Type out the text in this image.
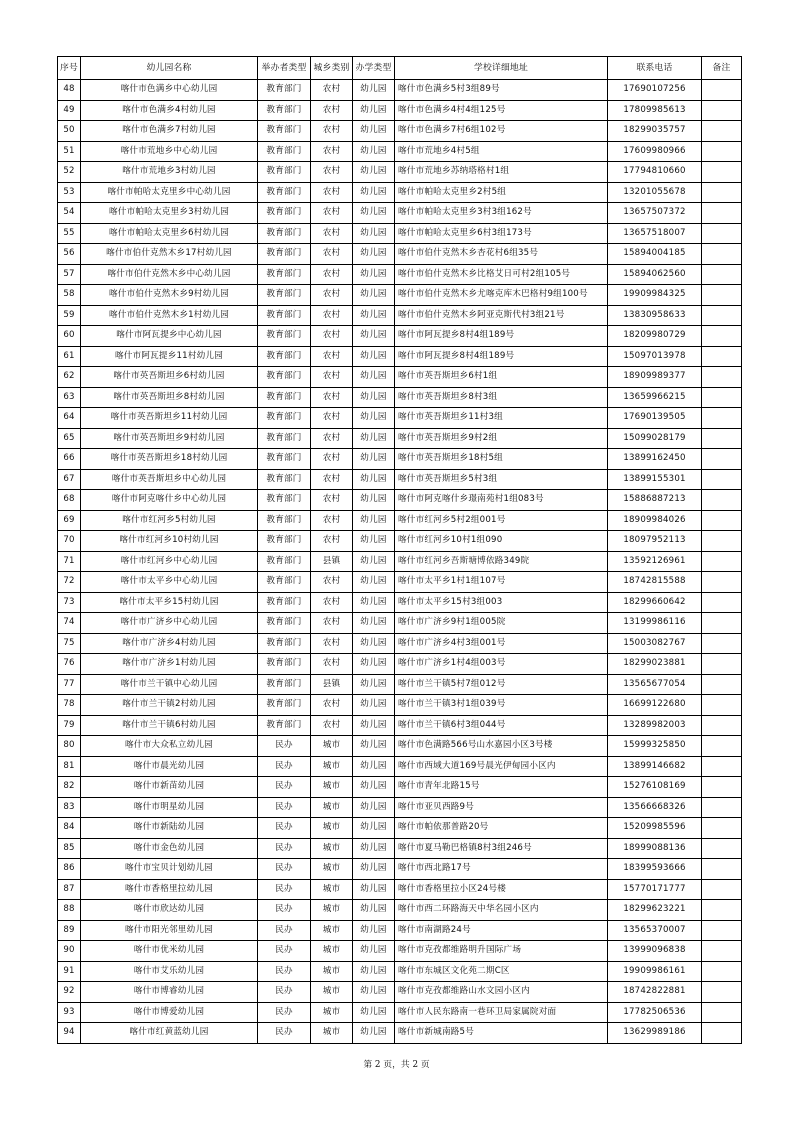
序号	幼儿园名称	举办者类型	城乡类别	办学类型	学校详细地址	联系电话	备注
48	喀什市色满乡中心幼儿园	教育部门	农村	幼儿园	喀什市色满乡5村3组89号	17690107256	
49	喀什市色满乡4村幼儿园	教育部门	农村	幼儿园	喀什市色满乡4村4组125号	17809985613	
50	喀什市色满乡7村幼儿园	教育部门	农村	幼儿园	喀什市色满乡7村6组102号	18299035757	
51	喀什市荒地乡中心幼儿园	教育部门	农村	幼儿园	喀什市荒地乡4村5组	17609980966	
52	喀什市荒地乡3村幼儿园	教育部门	农村	幼儿园	喀什市荒地乡苏纳塔格村1组	17794810660	
53	喀什市帕哈太克里乡中心幼儿园	教育部门	农村	幼儿园	喀什市帕哈太克里乡2村5组	13201055678	
54	喀什市帕哈太克里乡3村幼儿园	教育部门	农村	幼儿园	喀什市帕哈太克里乡3村3组162号	13657507372	
55	喀什市帕哈太克里乡6村幼儿园	教育部门	农村	幼儿园	喀什市帕哈太克里乡6村3组173号	13657518007	
56	喀什市伯什克然木乡17村幼儿园	教育部门	农村	幼儿园	喀什市伯什克然木乡杏花村6组35号	15894004185	
57	喀什市伯什克然木乡中心幼儿园	教育部门	农村	幼儿园	喀什市伯什克然木乡比格艾日可村2组105号	15894062560	
58	喀什市伯什克然木乡9村幼儿园	教育部门	农村	幼儿园	喀什市伯什克然木乡尤喀克库木巴格村9组100号	19909984325	
59	喀什市伯什克然木乡1村幼儿园	教育部门	农村	幼儿园	喀什市伯什克然木乡阿亚克斯代村3组21号	13830958633	
60	喀什市阿瓦提乡中心幼儿园	教育部门	农村	幼儿园	喀什市阿瓦提乡8村4组189号	18209980729	
61	喀什市阿瓦提乡11村幼儿园	教育部门	农村	幼儿园	喀什市阿瓦提乡8村4组189号	15097013978	
62	喀什市英吾斯坦乡6村幼儿园	教育部门	农村	幼儿园	喀什市英吾斯坦乡6村1组	18909989377	
63	喀什市英吾斯坦乡8村幼儿园	教育部门	农村	幼儿园	喀什市英吾斯坦乡8村3组	13659966215	
64	喀什市英吾斯坦乡11村幼儿园	教育部门	农村	幼儿园	喀什市英吾斯坦乡11村3组	17690139505	
65	喀什市英吾斯坦乡9村幼儿园	教育部门	农村	幼儿园	喀什市英吾斯坦乡9村2组	15099028179	
66	喀什市英吾斯坦乡18村幼儿园	教育部门	农村	幼儿园	喀什市英吾斯坦乡18村5组	13899162450	
67	喀什市英吾斯坦乡中心幼儿园	教育部门	农村	幼儿园	喀什市英吾斯坦乡5村3组	13899155301	
68	喀什市阿克喀什乡中心幼儿园	教育部门	农村	幼儿园	喀什市阿克喀什乡璟南苑村1组083号	15886887213	
69	喀什市红河乡5村幼儿园	教育部门	农村	幼儿园	喀什市红河乡5村2组001号	18909984026	
70	喀什市红河乡10村幼儿园	教育部门	农村	幼儿园	喀什市红河乡10村1组090	18097952113	
71	喀什市红河乡中心幼儿园	教育部门	县镇	幼儿园	喀什市红河乡吾斯塘博依路349院	13592126961	
72	喀什市太平乡中心幼儿园	教育部门	农村	幼儿园	喀什市太平乡1村1组107号	18742815588	
73	喀什市太平乡15村幼儿园	教育部门	农村	幼儿园	喀什市太平乡15村3组003	18299660642	
74	喀什市广济乡中心幼儿园	教育部门	农村	幼儿园	喀什市广济乡9村1组005院	13199986116	
75	喀什市广济乡4村幼儿园	教育部门	农村	幼儿园	喀什市广济乡4村3组001号	15003082767	
76	喀什市广济乡1村幼儿园	教育部门	农村	幼儿园	喀什市广济乡1村4组003号	18299023881	
77	喀什市兰干镇中心幼儿园	教育部门	县镇	幼儿园	喀什市兰干镇5村7组012号	13565677054	
78	喀什市兰干镇2村幼儿园	教育部门	农村	幼儿园	喀什市兰干镇3村1组039号	16699122680	
79	喀什市兰干镇6村幼儿园	教育部门	农村	幼儿园	喀什市兰干镇6村3组044号	13289982003	
80	喀什市大众私立幼儿园	民办	城市	幼儿园	喀什市色满路566号山水嘉园小区3号楼	15999325850	
81	喀什市晨光幼儿园	民办	城市	幼儿园	喀什市西域大道169号晨光伊甸园小区内	13899146682	
82	喀什市新苗幼儿园	民办	城市	幼儿园	喀什市青年北路15号	15276108169	
83	喀什市明星幼儿园	民办	城市	幼儿园	喀什市亚贝西路9号	13566668326	
84	喀什市新陆幼儿园	民办	城市	幼儿园	喀什市帕依那普路20号	15209985596	
85	喀什市金色幼儿园	民办	城市	幼儿园	喀什市夏马勒巴格镇8村3组246号	18999088136	
86	喀什市宝贝计划幼儿园	民办	城市	幼儿园	喀什市西北路17号	18399593666	
87	喀什市香格里拉幼儿园	民办	城市	幼儿园	喀什市香格里拉小区24号楼	15770171777	
88	喀什市欣达幼儿园	民办	城市	幼儿园	喀什市西二环路海天中华名园小区内	18299623221	
89	喀什市阳光邻里幼儿园	民办	城市	幼儿园	喀什市南湖路24号	13565370007	
90	喀什市优米幼儿园	民办	城市	幼儿园	喀什市克孜都维路明升国际广场	13999096838	
91	喀什市艾乐幼儿园	民办	城市	幼儿园	喀什市东城区文化苑二期C区	19909986161	
92	喀什市博睿幼儿园	民办	城市	幼儿园	喀什市克孜都维路山水文园小区内	18742822881	
93	喀什市博爱幼儿园	民办	城市	幼儿园	喀什市人民东路南一巷环卫局家属院对面	17782506536	
94	喀什市红黄蓝幼儿园	民办	城市	幼儿园	喀什市新城南路5号	13629989186	
第 2 页，共 2 页
